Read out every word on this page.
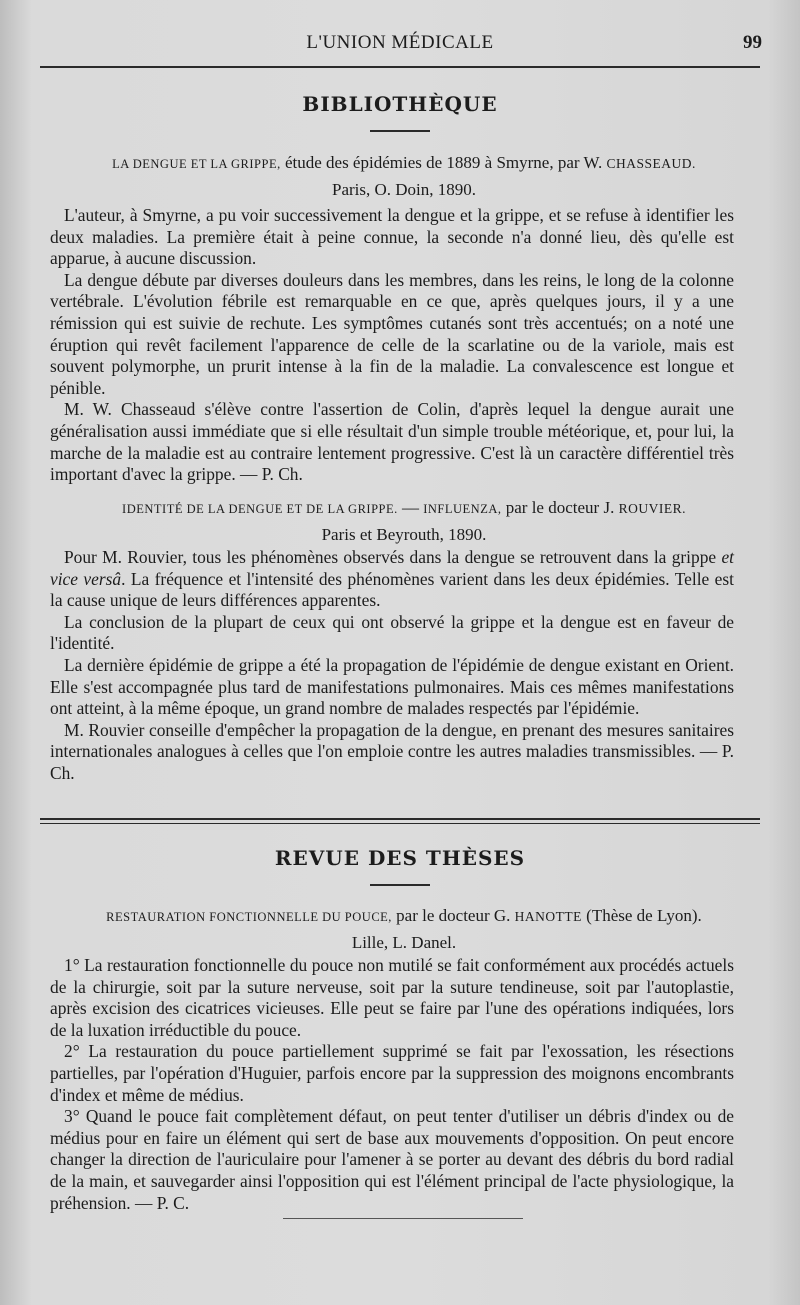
L'UNION MÉDICALE	99
BIBLIOTHÈQUE
LA DENGUE ET LA GRIPPE, étude des épidémies de 1889 à Smyrne, par W. CHASSEAUD.
Paris, O. Doin, 1890.

L'auteur, à Smyrne, a pu voir successivement la dengue et la grippe, et se refuse à identifier les deux maladies. La première était à peine connue, la seconde n'a donné lieu, dès qu'elle est apparue, à aucune discussion.

La dengue débute par diverses douleurs dans les membres, dans les reins, le long de la colonne vertébrale. L'évolution fébrile est remarquable en ce que, après quelques jours, il y a une rémission qui est suivie de rechute. Les symptômes cutanés sont très accentués; on a noté une éruption qui revêt facilement l'apparence de celle de la scarlatine ou de la variole, mais est souvent polymorphe, un prurit intense à la fin de la maladie. La convalescence est longue et pénible.

M. W. Chasseaud s'élève contre l'assertion de Colin, d'après lequel la dengue aurait une généralisation aussi immédiate que si elle résultait d'un simple trouble météorique, et, pour lui, la marche de la maladie est au contraire lentement progressive. C'est là un caractère différentiel très important d'avec la grippe. — P. Ch.

IDENTITÉ DE LA DENGUE ET DE LA GRIPPE. — INFLUENZA, par le docteur J. ROUVIER.
Paris et Beyrouth, 1890.

Pour M. Rouvier, tous les phénomènes observés dans la dengue se retrouvent dans la grippe et vice versâ. La fréquence et l'intensité des phénomènes varient dans les deux épidémies. Telle est la cause unique de leurs différences apparentes.

La conclusion de la plupart de ceux qui ont observé la grippe et la dengue est en faveur de l'identité.

La dernière épidémie de grippe a été la propagation de l'épidémie de dengue existant en Orient. Elle s'est accompagnée plus tard de manifestations pulmonaires. Mais ces mêmes manifestations ont atteint, à la même époque, un grand nombre de malades respectés par l'épidémie.

M. Rouvier conseille d'empêcher la propagation de la dengue, en prenant des mesures sanitaires internationales analogues à celles que l'on emploie contre les autres maladies transmissibles. — P. Ch.

REVUE DES THÈSES
RESTAURATION FONCTIONNELLE DU POUCE, par le docteur G. HANOTTE (Thèse de Lyon).
Lille, L. Danel.

1° La restauration fonctionnelle du pouce non mutilé se fait conformément aux procédés actuels de la chirurgie, soit par la suture nerveuse, soit par la suture tendineuse, soit par l'autoplastie, après excision des cicatrices vicieuses. Elle peut se faire par l'une des opérations indiquées, lors de la luxation irréductible du pouce.

2° La restauration du pouce partiellement supprimé se fait par l'exossation, les résections partielles, par l'opération d'Huguier, parfois encore par la suppression des moignons encombrants d'index et même de médius.

3° Quand le pouce fait complètement défaut, on peut tenter d'utiliser un débris d'index ou de médius pour en faire un élément qui sert de base aux mouvements d'opposition. On peut encore changer la direction de l'auriculaire pour l'amener à se porter au devant des débris du bord radial de la main, et sauvegarder ainsi l'opposition qui est l'élément principal de l'acte physiologique, la préhension. — P. C.
